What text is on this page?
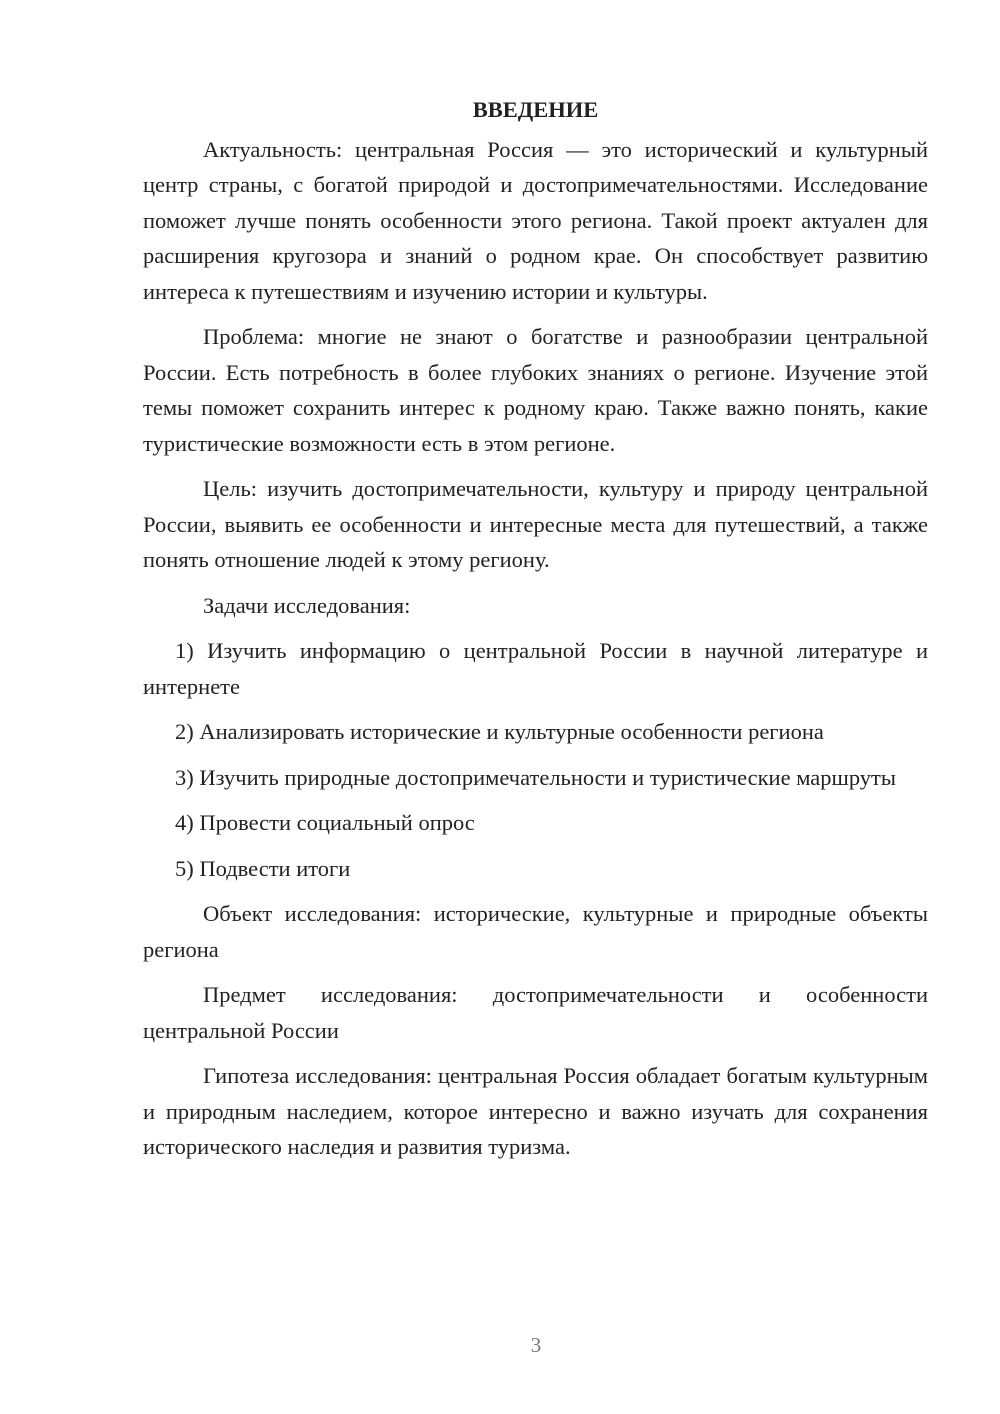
ВВЕДЕНИЕ

Актуальность: центральная Россия — это исторический и культурный центр страны, с богатой природой и достопримечательностями. Исследование поможет лучше понять особенности этого региона. Такой проект актуален для расширения кругозора и знаний о родном крае. Он способствует развитию интереса к путешествиям и изучению истории и культуры.

Проблема: многие не знают о богатстве и разнообразии центральной России. Есть потребность в более глубоких знаниях о регионе. Изучение этой темы поможет сохранить интерес к родному краю. Также важно понять, какие туристические возможности есть в этом регионе.

Цель: изучить достопримечательности, культуру и природу центральной России, выявить ее особенности и интересные места для путешествий, а также понять отношение людей к этому региону.

Задачи исследования:

1) Изучить информацию о центральной России в научной литературе и интернете

2) Анализировать исторические и культурные особенности региона

3) Изучить природные достопримечательности и туристические маршруты

4) Провести социальный опрос

5) Подвести итоги

Объект исследования: исторические, культурные и природные объекты региона

Предмет исследования: достопримечательности и особенности центральной России

Гипотеза исследования: центральная Россия обладает богатым культурным и природным наследием, которое интересно и важно изучать для сохранения исторического наследия и развития туризма.

3
